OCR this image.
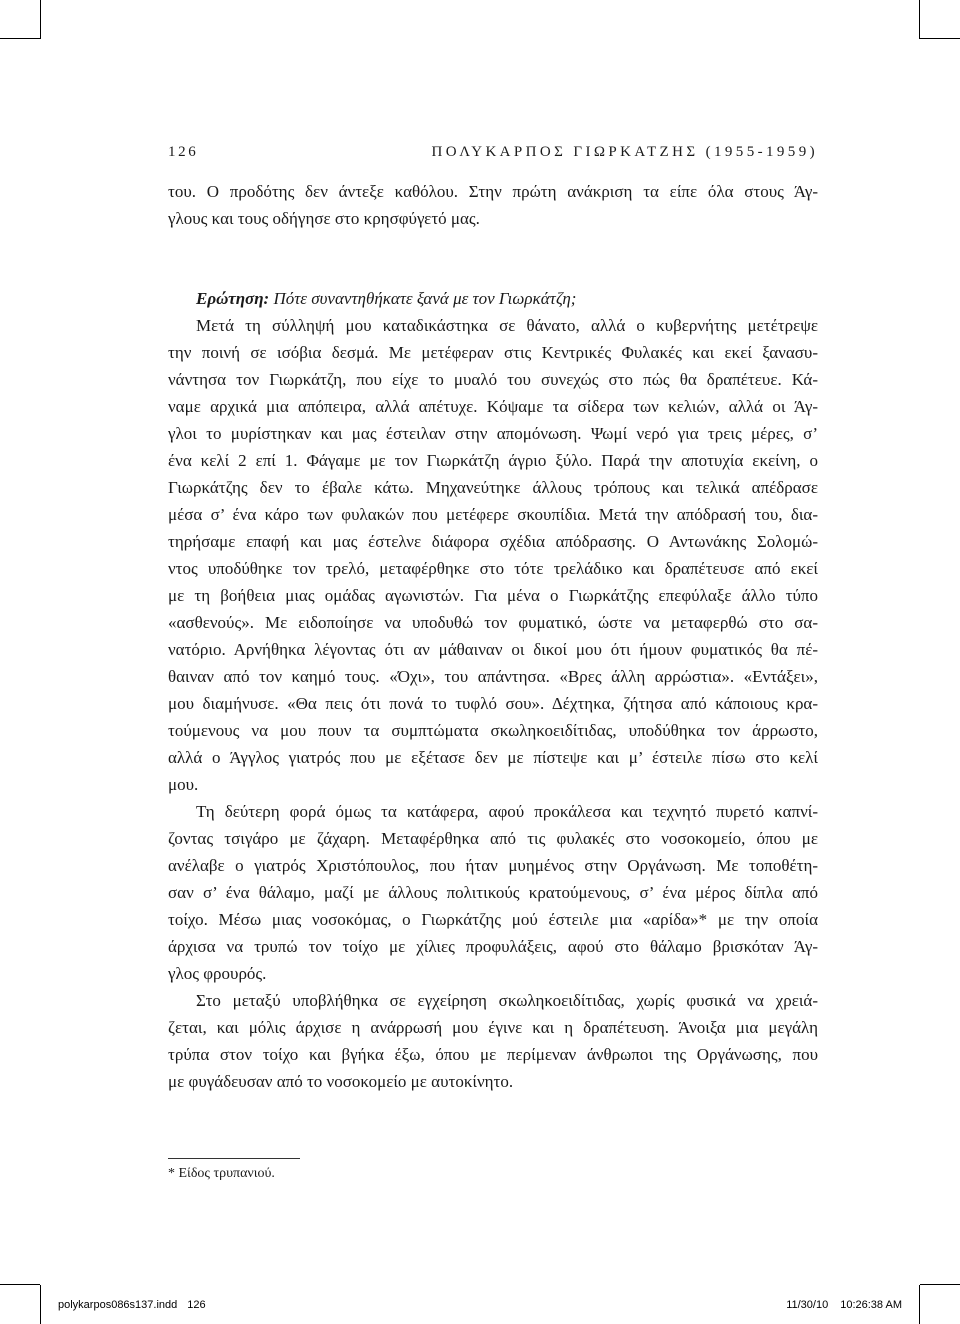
126	ΠΟΛΥΚΑΡΠΟΣ ΓΙΩΡΚΑΤΖΗΣ (1955-1959)
του. Ο προδότης δεν άντεξε καθόλου. Στην πρώτη ανάκριση τα είπε όλα στους Άγ-
γλους και τους οδήγησε στο κρησφύγετό μας.
Ερώτηση: Πότε συναντηθήκατε ξανά με τον Γιωρκάτζη;
Μετά τη σύλληψή μου καταδικάστηκα σε θάνατο, αλλά ο κυβερνήτης μετέτρεψε
την ποινή σε ισόβια δεσμά. Με μετέφεραν στις Κεντρικές Φυλακές και εκεί ξανασυ-
νάντησα τον Γιωρκάτζη, που είχε το μυαλό του συνεχώς στο πώς θα δραπέτευε. Κά-
ναμε αρχικά μια απόπειρα, αλλά απέτυχε. Κόψαμε τα σίδερα των κελιών, αλλά οι Άγ-
γλοι το μυρίστηκαν και μας έστειλαν στην απομόνωση. Ψωμί νερό για τρεις μέρες, σ’
ένα κελί 2 επί 1. Φάγαμε με τον Γιωρκάτζη άγριο ξύλο. Παρά την αποτυχία εκείνη, ο
Γιωρκάτζης δεν το έβαλε κάτω. Μηχανεύτηκε άλλους τρόπους και τελικά απέδρασε
μέσα σ’ ένα κάρο των φυλακών που μετέφερε σκουπίδια. Μετά την απόδρασή του, δια-
τηρήσαμε επαφή και μας έστελνε διάφορα σχέδια απόδρασης. Ο Αντωνάκης Σολομώ-
ντος υποδύθηκε τον τρελό, μεταφέρθηκε στο τότε τρελάδικο και δραπέτευσε από εκεί
με τη βοήθεια μιας ομάδας αγωνιστών. Για μένα ο Γιωρκάτζης επεφύλαξε άλλο τύπο
«ασθενούς». Με ειδοποίησε να υποδυθώ τον φυματικό, ώστε να μεταφερθώ στο σα-
νατόριο. Αρνήθηκα λέγοντας ότι αν μάθαιναν οι δικοί μου ότι ήμουν φυματικός θα πέ-
θαιναν από τον καημό τους. «Όχι», του απάντησα. «Βρες άλλη αρρώστια». «Εντάξει»,
μου διαμήνυσε. «Θα πεις ότι πονά το τυφλό σου». Δέχτηκα, ζήτησα από κάποιους κρα-
τούμενους να μου πουν τα συμπτώματα σκωληκοειδίτιδας, υποδύθηκα τον άρρωστο,
αλλά ο Άγγλος γιατρός που με εξέτασε δεν με πίστεψε και μ’ έστειλε πίσω στο κελί
μου.
Τη δεύτερη φορά όμως τα κατάφερα, αφού προκάλεσα και τεχνητό πυρετό καπνί-
ζοντας τσιγάρο με ζάχαρη. Μεταφέρθηκα από τις φυλακές στο νοσοκομείο, όπου με
ανέλαβε ο γιατρός Χριστόπουλος, που ήταν μυημένος στην Οργάνωση. Με τοποθέτη-
σαν σ’ ένα θάλαμο, μαζί με άλλους πολιτικούς κρατούμενους, σ’ ένα μέρος δίπλα από
τοίχο. Μέσω μιας νοσοκόμας, ο Γιωρκάτζης μού έστειλε μια «αρίδα»* με την οποία
άρχισα να τρυπώ τον τοίχο με χίλιες προφυλάξεις, αφού στο θάλαμο βρισκόταν Άγ-
γλος φρουρός.
Στο μεταξύ υποβλήθηκα σε εγχείρηση σκωληκοειδίτιδας, χωρίς φυσικά να χρειά-
ζεται, και μόλις άρχισε η ανάρρωσή μου έγινε και η δραπέτευση. Άνοιξα μια μεγάλη
τρύπα στον τοίχο και βγήκα έξω, όπου με περίμεναν άνθρωποι της Οργάνωσης, που
με φυγάδευσαν από το νοσοκομείο με αυτοκίνητο.
* Είδος τρυπανιού.
polykarpos086s137.indd 126	11/30/10 10:26:38 AM
